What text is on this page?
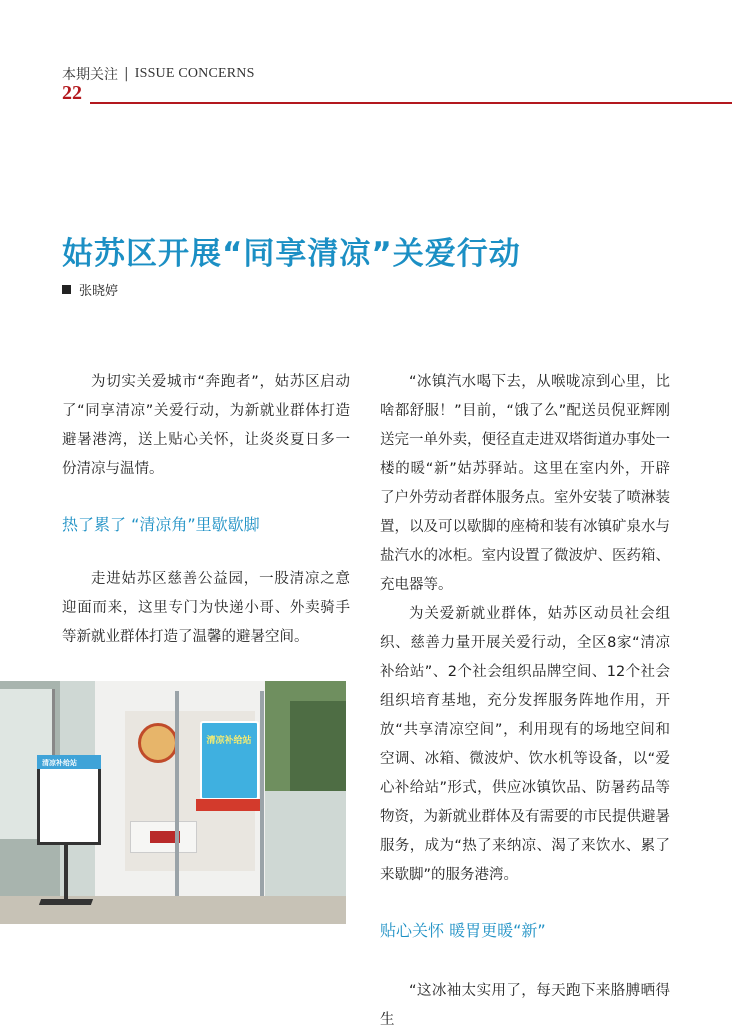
本期关注 | ISSUE CONCERNS
22
姑苏区开展“同享清凉”关爱行动
张晓婷

为切实关爱城市“奔跑者”，姑苏区启动了“同享清凉”关爱行动，为新就业群体打造避暑港湾，送上贴心关怀，让炎炎夏日多一份清凉与温情。

热了累了 “清凉角”里歇歇脚

走进姑苏区慈善公益园，一股清凉之意迎面而来，这里专门为快递小哥、外卖骑手等新就业群体打造了温馨的避暑空间。

“冰镇汽水喝下去，从喉咙凉到心里，比啥都舒服！”目前，“饿了么”配送员倪亚辉刚送完一单外卖，便径直走进双塔街道办事处一楼的暖“新”姑苏驿站。这里在室内外，开辟了户外劳动者群体服务点。室外安装了喷淋装置，以及可以歇脚的座椅和装有冰镇矿泉水与盐汽水的冰柜。室内设置了微波炉、医药箱、充电器等。

为关爱新就业群体，姑苏区动员社会组织、慈善力量开展关爱行动，全区8家“清凉补给站”、2个社会组织品牌空间、12个社会组织培育基地，充分发挥服务阵地作用，开放“共享清凉空间”，利用现有的场地空间和空调、冰箱、微波炉、饮水机等设备，以“爱心补给站”形式，供应冰镇饮品、防暑药品等物资，为新就业群体及有需要的市民提供避暑服务，成为“热了来纳凉、渴了来饮水、累了来歇脚”的服务港湾。

贴心关怀 暖胃更暖“新”

“这冰袖太实用了，每天跑下来胳膊晒得生

清凉补给站
清凉补给站
